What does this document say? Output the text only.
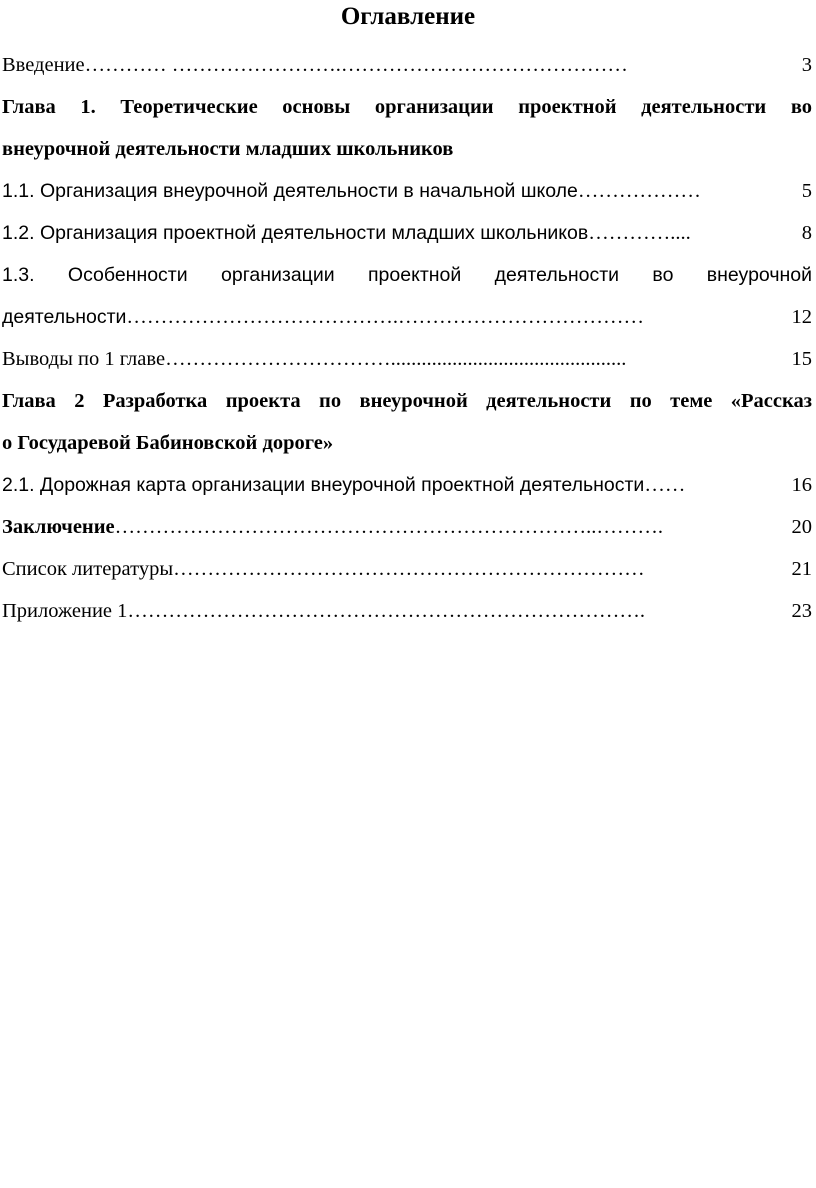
Оглавление
Введение ………… …………………….……………………………………	3
Глава 1. Теоретические основы организации проектной деятельности во
внеурочной деятельности младших школьников
1.1. Организация внеурочной деятельности в начальной школе ………………	5
1.2. Организация проектной деятельности младших школьников …………....	8
1.3. Особенности организации проектной деятельности во внеурочной
деятельности ………………………………….………………………………	12
Выводы по 1 главе ……………………………..............................................	15
Глава 2 Разработка проекта по внеурочной деятельности по теме «Рассказ
о Государевой Бабиновской дороге»
2.1. Дорожная карта организации внеурочной проектной деятельности ……	16
Заключение ……………………………………………………………..……….	20
Список литературы ……………………………………………………………	21
Приложение 1 ………………………………………………………………….	23
